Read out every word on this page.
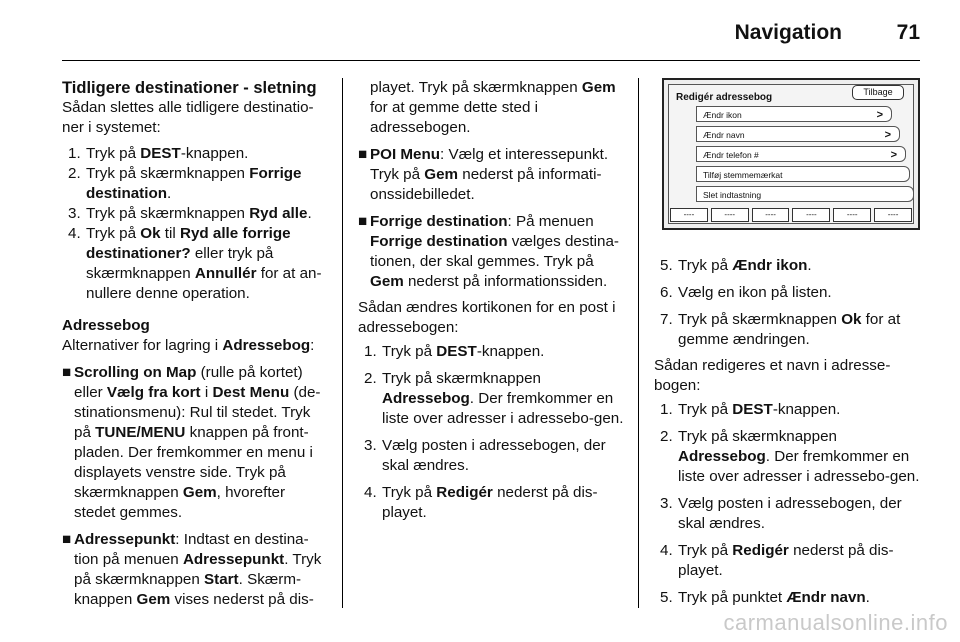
Navigation	71
Tidligere destinationer - sletning

Sådan slettes alle tidligere destinatio-ner i systemet:

1. Tryk på DEST-knappen.
2. Tryk på skærmknappen Forrige destination.
3. Tryk på skærmknappen Ryd alle.
4. Tryk på Ok til Ryd alle forrige destinationer? eller tryk på skærmknappen Annullér for at an-nullere denne operation.
Adressebog

Alternativer for lagring i Adressebog:

■ Scrolling on Map (rulle på kortet) eller Vælg fra kort i Dest Menu (de-stinationsmenu): Rul til stedet. Tryk på TUNE/MENU knappen på front-pladen. Der fremkommer en menu i displayets venstre side. Tryk på skærmknappen Gem, hvorefter stedet gemmes.
■ Adressepunkt: Indtast en destina-tion på menuen Adressepunkt. Tryk på skærmknappen Start. Skærm-knappen Gem vises nederst på dis-

playet. Tryk på skærmknappen Gem for at gemme dette sted i adressebogen.

■ POI Menu: Vælg et interessepunkt. Tryk på Gem nederst på informati-onssidebilledet.
■ Forrige destination: På menuen Forrige destination vælges destina-tionen, der skal gemmes. Tryk på Gem nederst på informationssiden.

Sådan ændres kortikonen for en post i adressebogen:

1. Tryk på DEST-knappen.
2. Tryk på skærmknappen Adressebog. Der fremkommer en liste over adresser i adressebo-gen.
3. Vælg posten i adressebogen, der skal ændres.
4. Tryk på Redigér nederst på dis-playet.
Redigér adressebog	Tilbage
Ændr ikon	>
Ændr navn	>
Ændr telefon #	>
Tilføj stemmemærkat
Slet indtastning
----	----	----	----	----	----
5. Tryk på Ændr ikon.
6. Vælg en ikon på listen.
7. Tryk på skærmknappen Ok for at gemme ændringen.

Sådan redigeres et navn i adresse-bogen:

1. Tryk på DEST-knappen.
2. Tryk på skærmknappen Adressebog. Der fremkommer en liste over adresser i adressebo-gen.
3. Vælg posten i adressebogen, der skal ændres.
4. Tryk på Redigér nederst på dis-playet.
5. Tryk på punktet Ændr navn.
carmanualsonline.info
